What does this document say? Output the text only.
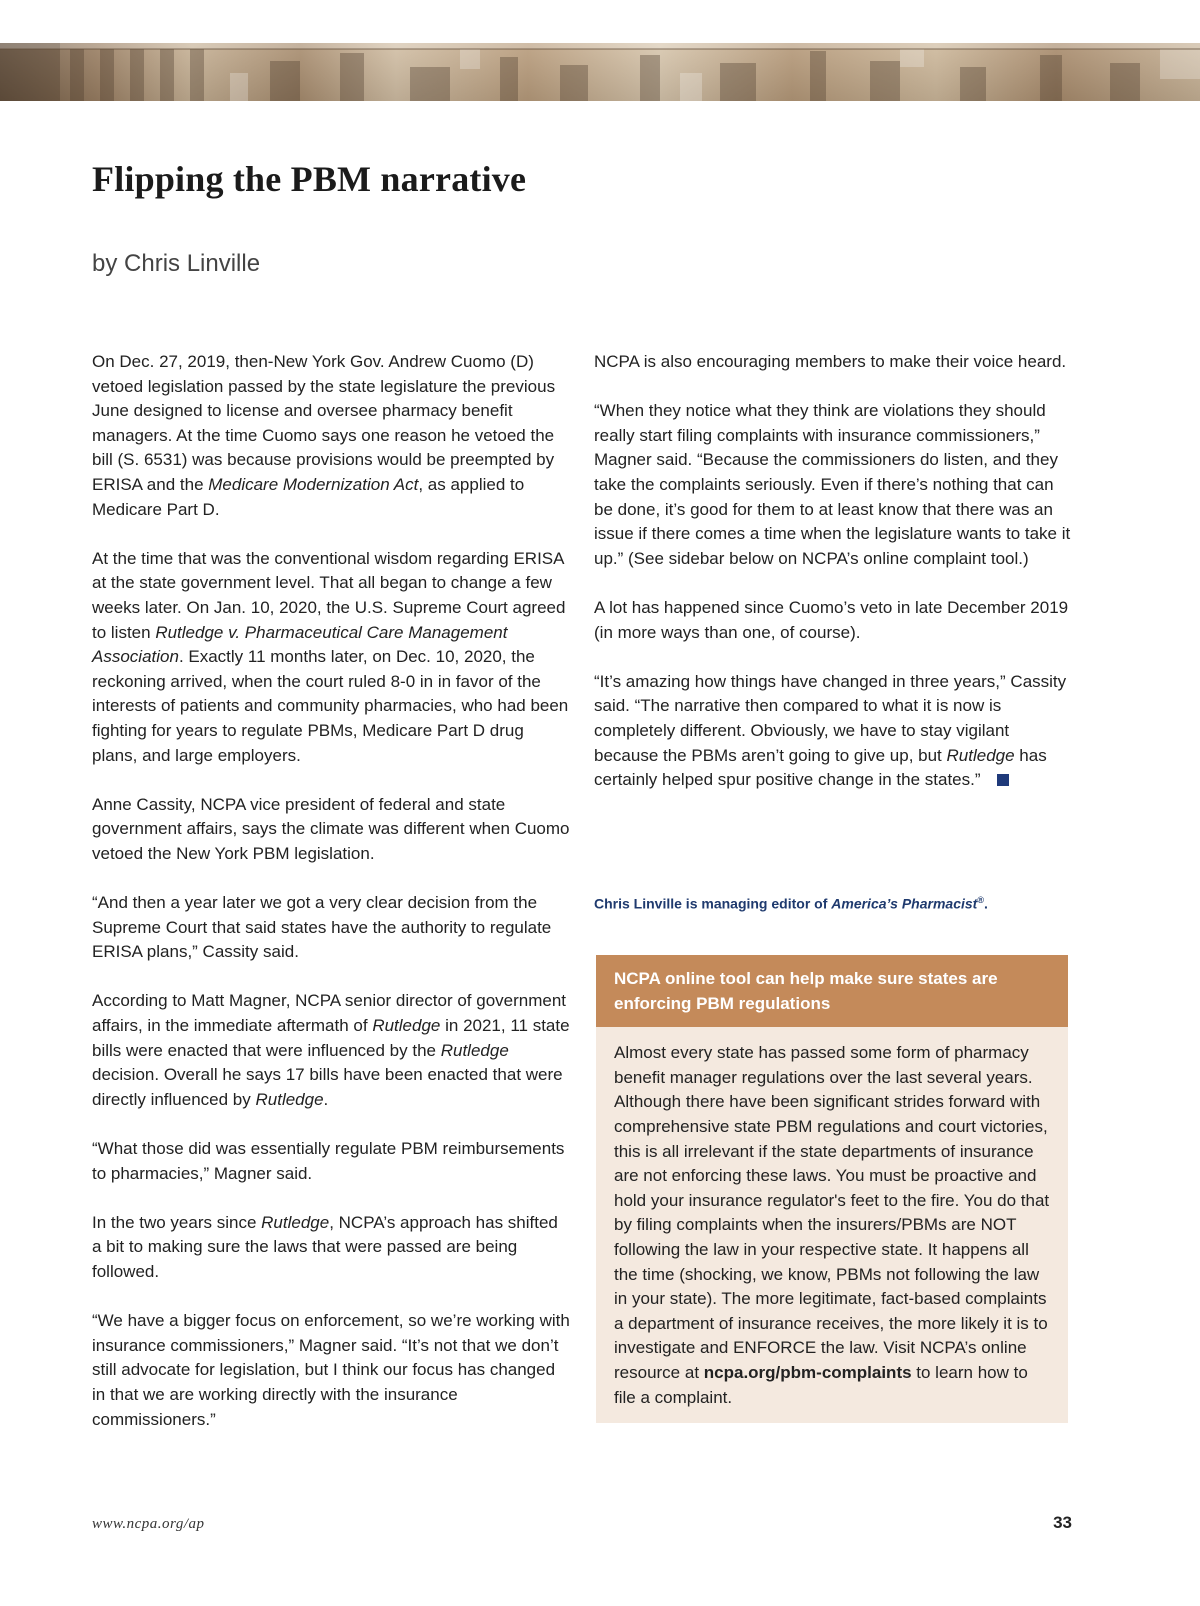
Flipping the PBM narrative
by Chris Linville

On Dec. 27, 2019, then-New York Gov. Andrew Cuomo (D) vetoed legislation passed by the state legislature the previous June designed to license and oversee pharmacy benefit managers. At the time Cuomo says one reason he vetoed the bill (S. 6531) was because provisions would be preempted by ERISA and the Medicare Modernization Act, as applied to Medicare Part D.

At the time that was the conventional wisdom regarding ERISA at the state government level. That all began to change a few weeks later. On Jan. 10, 2020, the U.S. Supreme Court agreed to listen Rutledge v. Pharmaceutical Care Management Association. Exactly 11 months later, on Dec. 10, 2020, the reckoning arrived, when the court ruled 8-0 in in favor of the interests of patients and community pharmacies, who had been fighting for years to regulate PBMs, Medicare Part D drug plans, and large employers.

Anne Cassity, NCPA vice president of federal and state government affairs, says the climate was different when Cuomo vetoed the New York PBM legislation.

“And then a year later we got a very clear decision from the Supreme Court that said states have the authority to regulate ERISA plans,” Cassity said.

According to Matt Magner, NCPA senior director of government affairs, in the immediate aftermath of Rutledge in 2021, 11 state bills were enacted that were influenced by the Rutledge decision. Overall he says 17 bills have been enacted that were directly influenced by Rutledge.

“What those did was essentially regulate PBM reimbursements to pharmacies,” Magner said.

In the two years since Rutledge, NCPA’s approach has shifted a bit to making sure the laws that were passed are being followed.

“We have a bigger focus on enforcement, so we’re working with insurance commissioners,” Magner said. “It’s not that we don’t still advocate for legislation, but I think our focus has changed in that we are working directly with the insurance commissioners.”

NCPA is also encouraging members to make their voice heard.

“When they notice what they think are violations they should really start filing complaints with insurance commissioners,” Magner said. “Because the commissioners do listen, and they take the complaints seriously. Even if there’s nothing that can be done, it’s good for them to at least know that there was an issue if there comes a time when the legislature wants to take it up.” (See sidebar below on NCPA’s online complaint tool.)

A lot has happened since Cuomo’s veto in late December 2019 (in more ways than one, of course).

“It’s amazing how things have changed in three years,” Cassity said. “The narrative then compared to what it is now is completely different. Obviously, we have to stay vigilant because the PBMs aren’t going to give up, but Rutledge has certainly helped spur positive change in the states.”

Chris Linville is managing editor of America’s Pharmacist®.

NCPA online tool can help make sure states are enforcing PBM regulations
Almost every state has passed some form of pharmacy benefit manager regulations over the last several years. Although there have been significant strides forward with comprehensive state PBM regulations and court victories, this is all irrelevant if the state departments of insurance are not enforcing these laws. You must be proactive and hold your insurance regulator's feet to the fire. You do that by filing complaints when the insurers/PBMs are NOT following the law in your respective state. It happens all the time (shocking, we know, PBMs not following the law in your state). The more legitimate, fact-based complaints a department of insurance receives, the more likely it is to investigate and ENFORCE the law. Visit NCPA’s online resource at ncpa.org/pbm-complaints to learn how to file a complaint.

www.ncpa.org/ap	33
